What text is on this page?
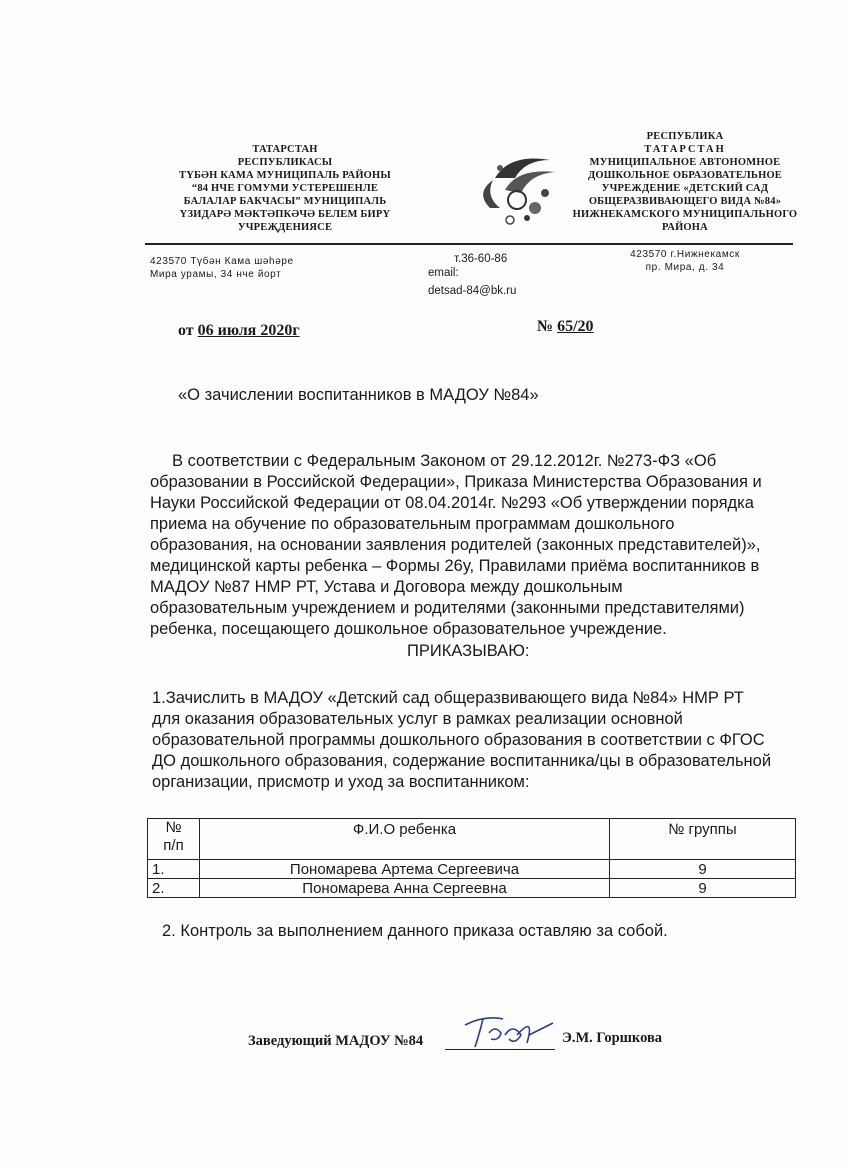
ТАТАРСТАН
РЕСПУБЛИКАСЫ
ТҮБӘН КАМА МУНИЦИПАЛЬ РАЙОНЫ
“84 НЧЕ ГОМУМИ УСТЕРЕШЕНЛЕ
БАЛАЛАР БАКЧАСЫ” МУНИЦИПАЛЬ
ҮЗИДАРӘ МӘКТӘПКӘЧӘ БЕЛЕМ БИРҮ
УЧРЕҖДЕНИЯСЕ
РЕСПУБЛИКА
ТАТАРСТАН
МУНИЦИПАЛЬНОЕ АВТОНОМНОЕ
ДОШКОЛЬНОЕ ОБРАЗОВАТЕЛЬНОЕ
УЧРЕЖДЕНИЕ «ДЕТСКИЙ САД
ОБЩЕРАЗВИВАЮЩЕГО ВИДА №84»
НИЖНЕКАМСКОГО МУНИЦИПАЛЬНОГО
РАЙОНА
423570 Түбән Кама шәһәре
Мира урамы, 34 нче йорт
т.36-60-86
email:
detsad-84@bk.ru
423570 г.Нижнекамск
пр. Мира, д. 34
от 06 июля 2020г	№ 65/20
«О зачислении воспитанников в МАДОУ №84»
В соответствии с Федеральным Законом от 29.12.2012г. №273-ФЗ «Об
образовании в Российской Федерации», Приказа Министерства Образования и
Науки Российской Федерации от 08.04.2014г. №293 «Об утверждении порядка
приема на обучение по образовательным программам дошкольного
образования, на основании заявления родителей (законных представителей)»,
медицинской карты ребенка – Формы 26у, Правилами приёма воспитанников в
МАДОУ №87 НМР РТ, Устава и Договора между дошкольным
образовательным учреждением и родителями (законными представителями)
ребенка, посещающего дошкольное образовательное учреждение.
ПРИКАЗЫВАЮ:
1.Зачислить в МАДОУ «Детский сад общеразвивающего вида №84» НМР РТ
для оказания образовательных услуг в рамках реализации основной
образовательной программы дошкольного образования в соответствии с ФГОС
ДО дошкольного образования, содержание воспитанника/цы в образовательной
организации, присмотр и уход за воспитанником:
№
п/п	Ф.И.О ребенка	№ группы
1.	Пономарева Артема Сергеевича	9
2.	Пономарева Анна Сергеевна	9
2. Контроль за выполнением данного приказа оставляю за собой.
Заведующий МАДОУ №84	Э.М. Горшкова
